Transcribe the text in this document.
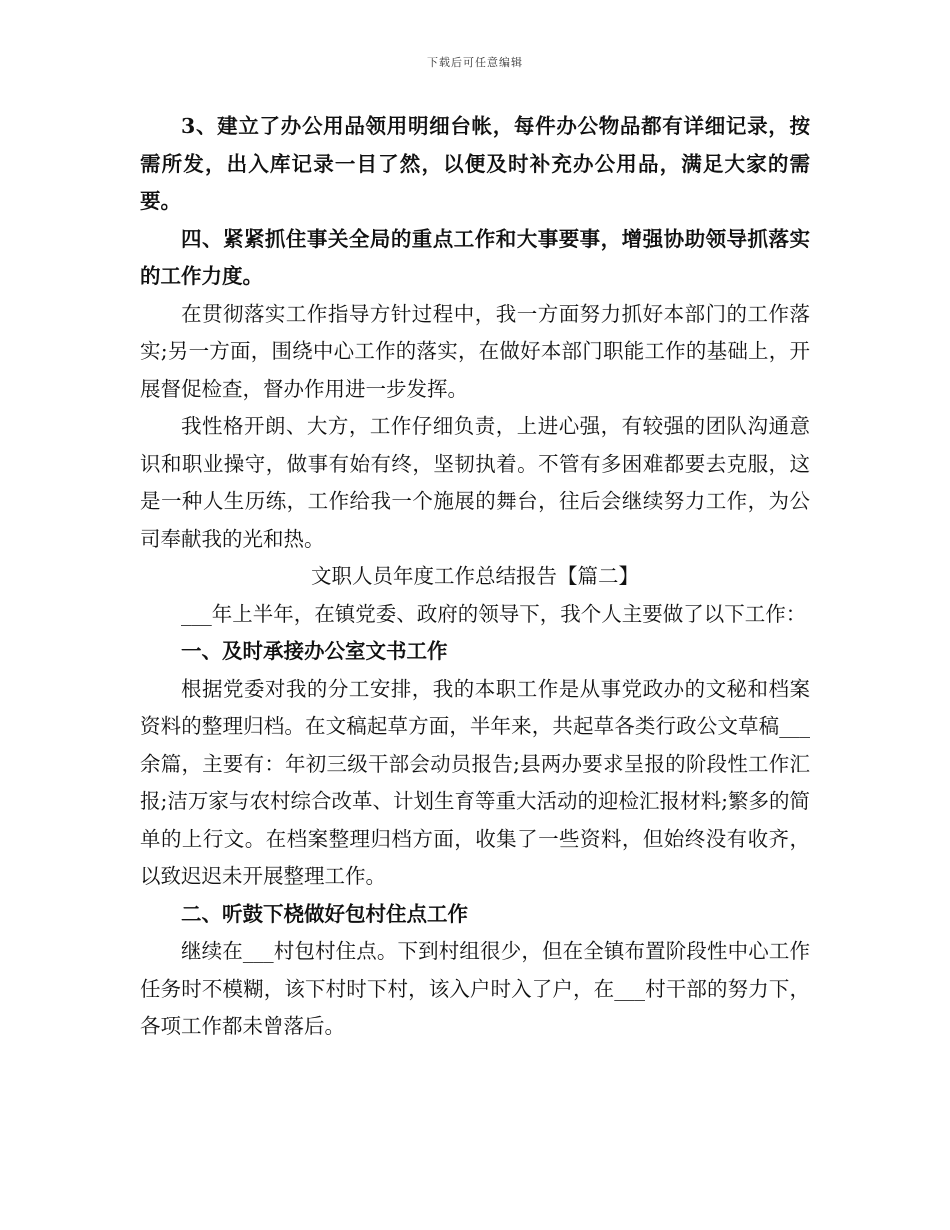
下载后可任意编辑

3、建立了办公用品领用明细台帐，每件办公物品都有详细记录，按需所发，出入库记录一目了然，以便及时补充办公用品，满足大家的需要。

四、紧紧抓住事关全局的重点工作和大事要事，增强协助领导抓落实的工作力度。

在贯彻落实工作指导方针过程中，我一方面努力抓好本部门的工作落实;另一方面，围绕中心工作的落实，在做好本部门职能工作的基础上，开展督促检查，督办作用进一步发挥。

我性格开朗、大方，工作仔细负责，上进心强，有较强的团队沟通意识和职业操守，做事有始有终，坚韧执着。不管有多困难都要去克服，这是一种人生历练，工作给我一个施展的舞台，往后会继续努力工作，为公司奉献我的光和热。

文职人员年度工作总结报告【篇二】

___年上半年，在镇党委、政府的领导下，我个人主要做了以下工作：

一、及时承接办公室文书工作

根据党委对我的分工安排，我的本职工作是从事党政办的文秘和档案资料的整理归档。在文稿起草方面，半年来，共起草各类行政公文草稿___余篇，主要有：年初三级干部会动员报告;县两办要求呈报的阶段性工作汇报;洁万家与农村综合改革、计划生育等重大活动的迎检汇报材料;繁多的简单的上行文。在档案整理归档方面，收集了一些资料，但始终没有收齐，以致迟迟未开展整理工作。

二、听鼓下桡做好包村住点工作

继续在___村包村住点。下到村组很少，但在全镇布置阶段性中心工作任务时不模糊，该下村时下村，该入户时入了户，在___村干部的努力下，各项工作都未曾落后。
